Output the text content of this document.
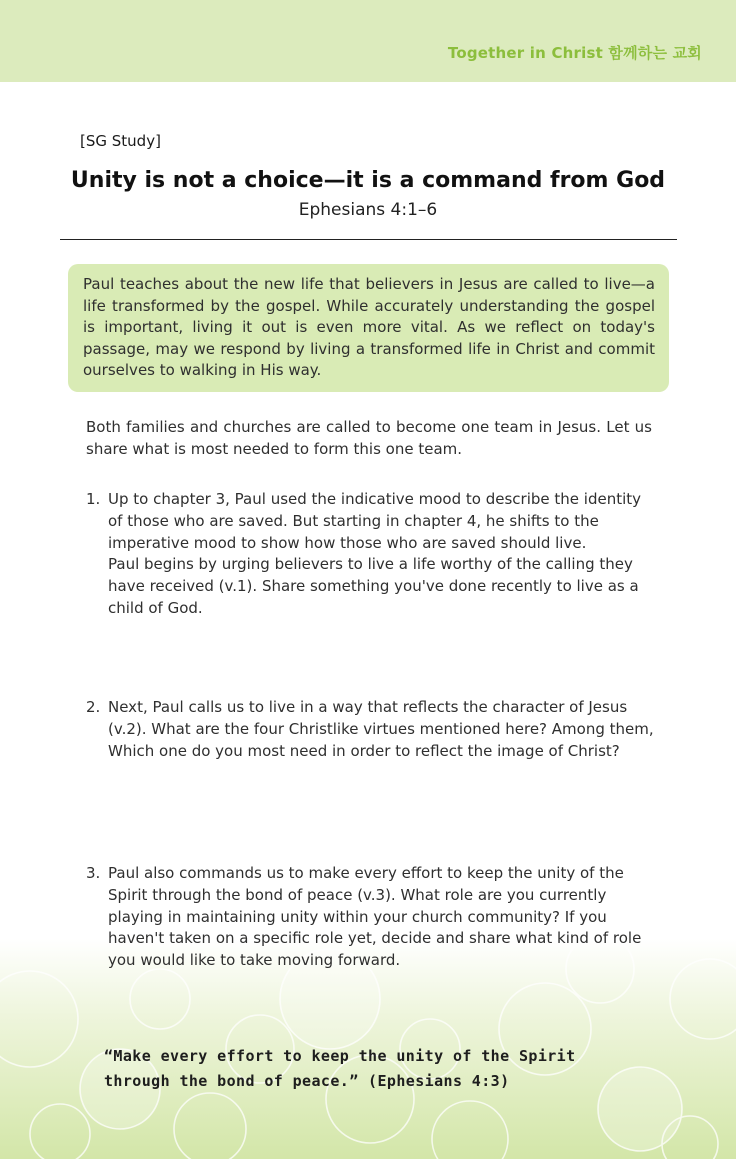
Together in Christ 함께하는 교회
[SG Study]
Unity is not a choice—it is a command from God
Ephesians 4:1–6
Paul teaches about the new life that believers in Jesus are called to live—a life transformed by the gospel. While accurately understanding the gospel is important, living it out is even more vital. As we reflect on today's passage, may we respond by living a transformed life in Christ and commit ourselves to walking in His way.
Both families and churches are called to become one team in Jesus. Let us share what is most needed to form this one team.
1. Up to chapter 3, Paul used the indicative mood to describe the identity of those who are saved. But starting in chapter 4, he shifts to the imperative mood to show how those who are saved should live.

Paul begins by urging believers to live a life worthy of the calling they have received (v.1). Share something you've done recently to live as a child of God.

2. Next, Paul calls us to live in a way that reflects the character of Jesus (v.2). What are the four Christlike virtues mentioned here? Among them, Which one do you most need in order to reflect the image of Christ?

3. Paul also commands us to make every effort to keep the unity of the Spirit through the bond of peace (v.3). What role are you currently playing in maintaining unity within your church community? If you haven't taken on a specific role yet, decide and share what kind of role you would like to take moving forward.

“Make every effort to keep the unity of the Spirit through the bond of peace.” (Ephesians 4:3)
